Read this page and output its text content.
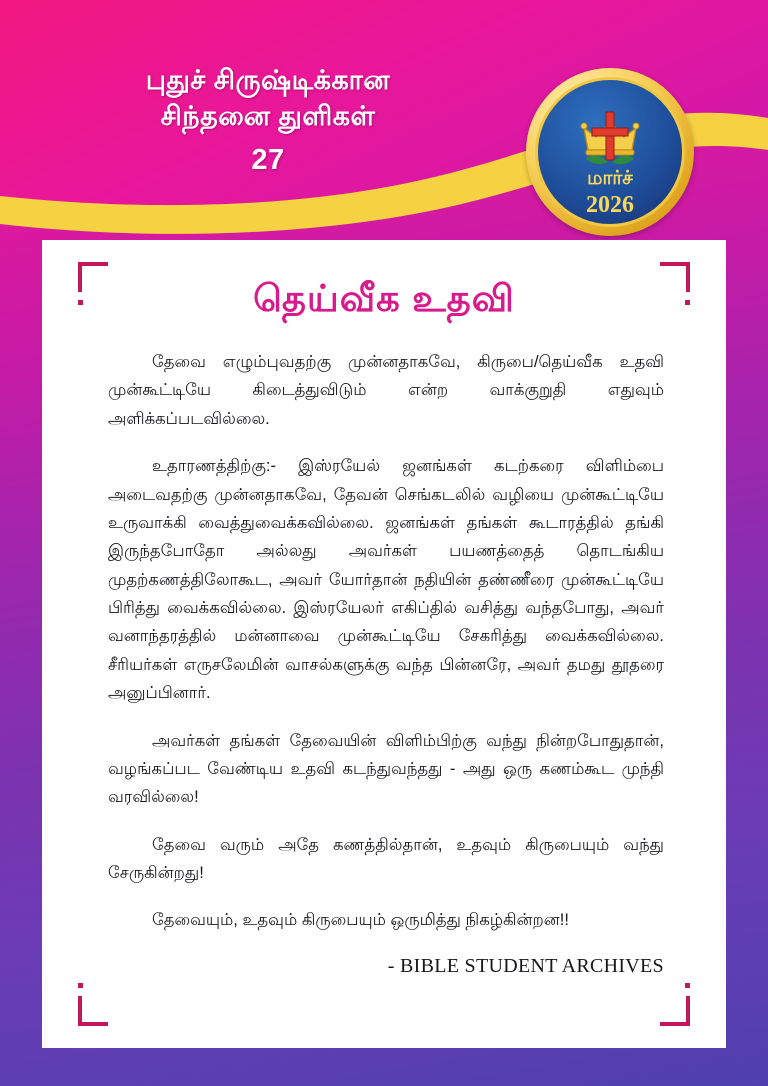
புதுச் சிருஷ்டிக்கான
சிந்தனை துளிகள்
27
மார்ச்
2026
தெய்வீக உதவி

தேவை எழும்புவதற்கு முன்னதாகவே, கிருபை/தெய்வீக உதவி முன்கூட்டியே கிடைத்துவிடும் என்ற வாக்குறுதி எதுவும் அளிக்கப்படவில்லை.

உதாரணத்திற்கு:- இஸ்ரயேல் ஜனங்கள் கடற்கரை விளிம்பை அடைவதற்கு முன்னதாகவே, தேவன் செங்கடலில் வழியை முன்கூட்டியே உருவாக்கி வைத்துவைக்கவில்லை. ஜனங்கள் தங்கள் கூடாரத்தில் தங்கி இருந்தபோதோ அல்லது அவர்கள் பயணத்தைத் தொடங்கிய முதற்கணத்திலோகூட, அவர் யோர்தான் நதியின் தண்ணீரை முன்கூட்டியே பிரித்து வைக்கவில்லை. இஸ்ரயேலர் எகிப்தில் வசித்து வந்தபோது, அவர் வனாந்தரத்தில் மன்னாவை முன்கூட்டியே சேகரித்து வைக்கவில்லை. சீரியர்கள் எருசலேமின் வாசல்களுக்கு வந்த பின்னரே, அவர் தமது தூதரை அனுப்பினார்.

அவர்கள் தங்கள் தேவையின் விளிம்பிற்கு வந்து நின்றபோதுதான், வழங்கப்பட வேண்டிய உதவி கடந்துவந்தது - அது ஒரு கணம்கூட முந்தி வரவில்லை!

தேவை வரும் அதே கணத்தில்தான், உதவும் கிருபையும் வந்து சேருகின்றது!

தேவையும், உதவும் கிருபையும் ஒருமித்து நிகழ்கின்றன!!

- BIBLE STUDENT ARCHIVES
